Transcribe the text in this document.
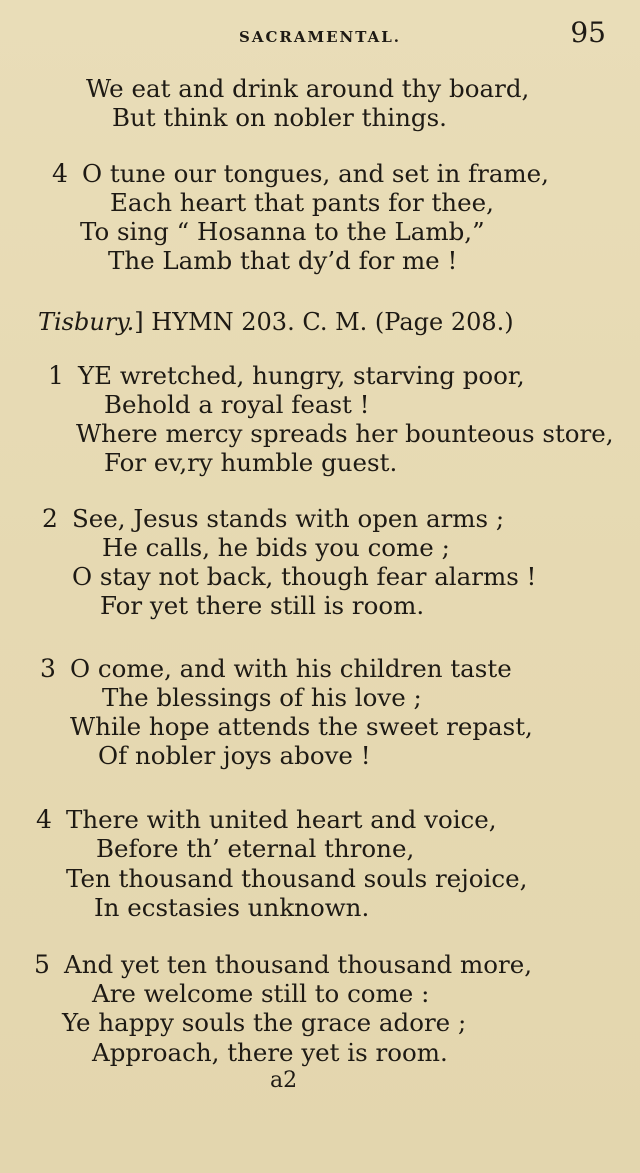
SACRAMENTAL.	95
We eat and drink around thy board,
But think on nobler things.
4 O tune our tongues, and set in frame,
Each heart that pants for thee,
To sing “ Hosanna to the Lamb,”
The Lamb that dy’d for me !
Tisbury.] HYMN 203. C. M. (Page 208.)
1 YE wretched, hungry, starving poor,
Behold a royal feast !
Where mercy spreads her bounteous store,
For ev,ry humble guest.
2 See, Jesus stands with open arms ;
He calls, he bids you come ;
O stay not back, though fear alarms !
For yet there still is room.
3 O come, and with his children taste
The blessings of his love ;
While hope attends the sweet repast,
Of nobler joys above !
4 There with united heart and voice,
Before th’ eternal throne,
Ten thousand thousand souls rejoice,
In ecstasies unknown.
5 And yet ten thousand thousand more,
Are welcome still to come :
Ye happy souls the grace adore ;
Approach, there yet is room.
a2
